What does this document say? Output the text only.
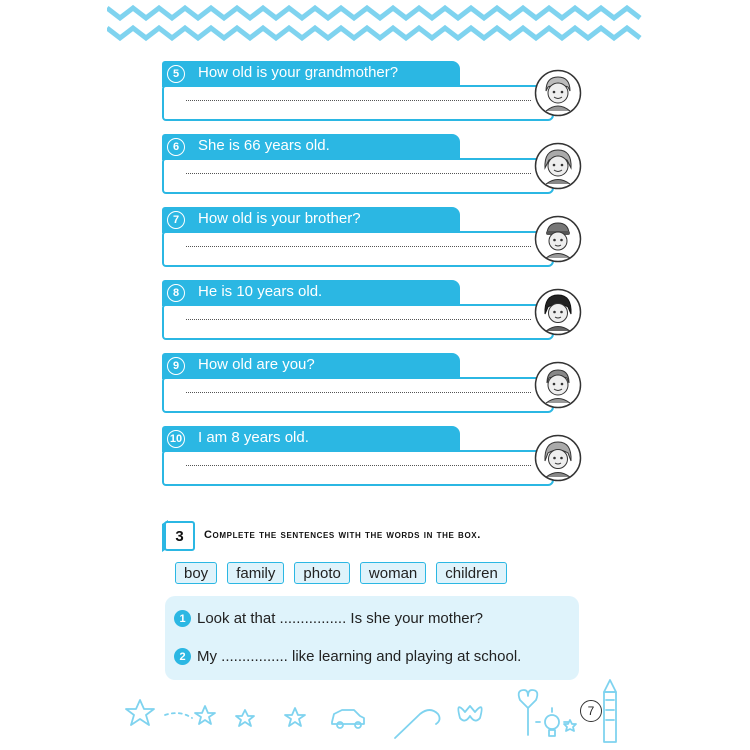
5	How old is your grandmother?
6	She is 66 years old.
7	How old is your brother?
8	He is 10 years old.
9	How old are you?
10 I am 8 years old.
3 Complete the sentences with the words in the box.
boy	family	photo	woman	children
1 Look at that ................ Is she your mother?
2 My ................ like learning and playing at school.
7
